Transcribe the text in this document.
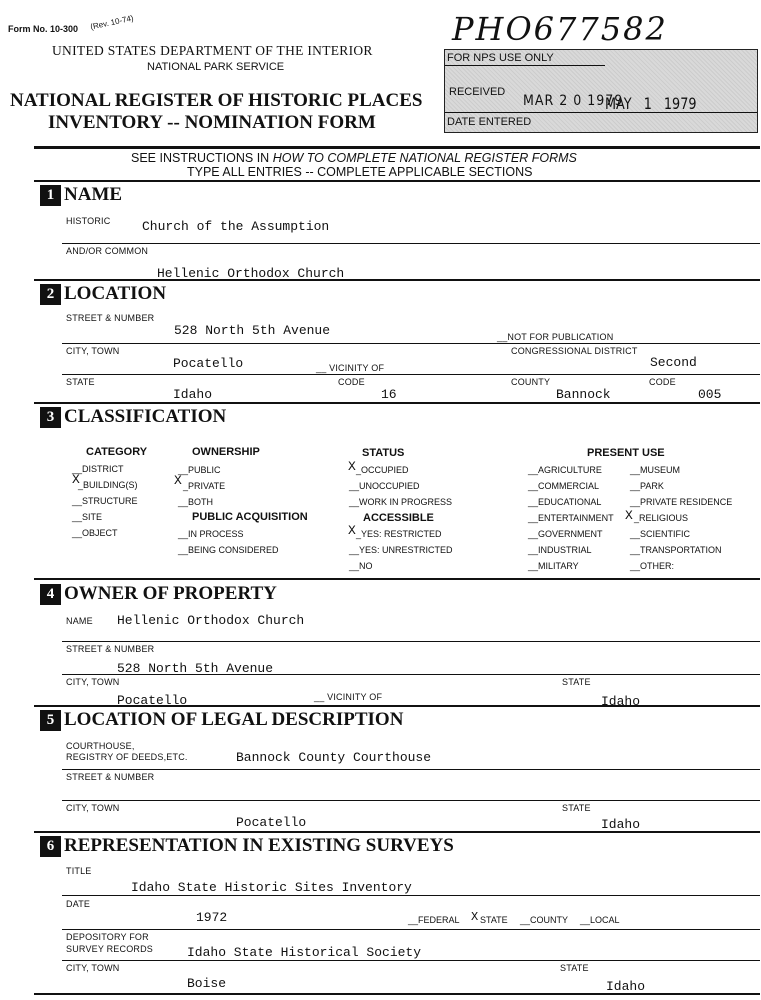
Form No. 10-300 (Rev. 10-74)
UNITED STATES DEPARTMENT OF THE INTERIOR
NATIONAL PARK SERVICE
NATIONAL REGISTER OF HISTORIC PLACES
INVENTORY -- NOMINATION FORM
PHO677582
FOR NPS USE ONLY
RECEIVED
MAR 2 0 1979
MAY 1 1979
DATE ENTERED
SEE INSTRUCTIONS IN HOW TO COMPLETE NATIONAL REGISTER FORMS
TYPE ALL ENTRIES -- COMPLETE APPLICABLE SECTIONS
1 NAME
HISTORIC Church of the Assumption
AND/OR COMMON
Hellenic Orthodox Church
2 LOCATION
STREET & NUMBER
528 North 5th Avenue	__NOT FOR PUBLICATION
CITY, TOWN	CONGRESSIONAL DISTRICT
Pocatello	__ VICINITY OF	Second
STATE	CODE	COUNTY	CODE
Idaho	16	Bannock	005
3 CLASSIFICATION
CATEGORY
__DISTRICT
X
_BUILDING(S)
__STRUCTURE
__SITE
__OBJECT
OWNERSHIP
__PUBLIC
X _PRIVATE
__BOTH
PUBLIC ACQUISITION
__IN PROCESS
__BEING CONSIDERED
STATUS
X _OCCUPIED
__UNOCCUPIED
__WORK IN PROGRESS
ACCESSIBLE
X _YES: RESTRICTED
__YES: UNRESTRICTED
__NO
PRESENT USE
__AGRICULTURE
__COMMERCIAL
__EDUCATIONAL
__ENTERTAINMENT
__GOVERNMENT
__INDUSTRIAL
__MILITARY
__MUSEUM
__PARK
__PRIVATE RESIDENCE
X _RELIGIOUS
__SCIENTIFIC
__TRANSPORTATION
__OTHER:
4 OWNER OF PROPERTY
NAME Hellenic Orthodox Church
STREET & NUMBER
528 North 5th Avenue
CITY, TOWN	STATE
Pocatello	__ VICINITY OF	Idaho
5 LOCATION OF LEGAL DESCRIPTION
COURTHOUSE,
REGISTRY OF DEEDS,ETC.	Bannock County Courthouse
STREET & NUMBER
CITY, TOWN	STATE
Pocatello	Idaho
6 REPRESENTATION IN EXISTING SURVEYS
TITLE
Idaho State Historic Sites Inventory
DATE
1972	__FEDERAL X STATE __COUNTY __LOCAL
DEPOSITORY FOR
SURVEY RECORDS	Idaho State Historical Society
CITY, TOWN	STATE
Boise	Idaho
